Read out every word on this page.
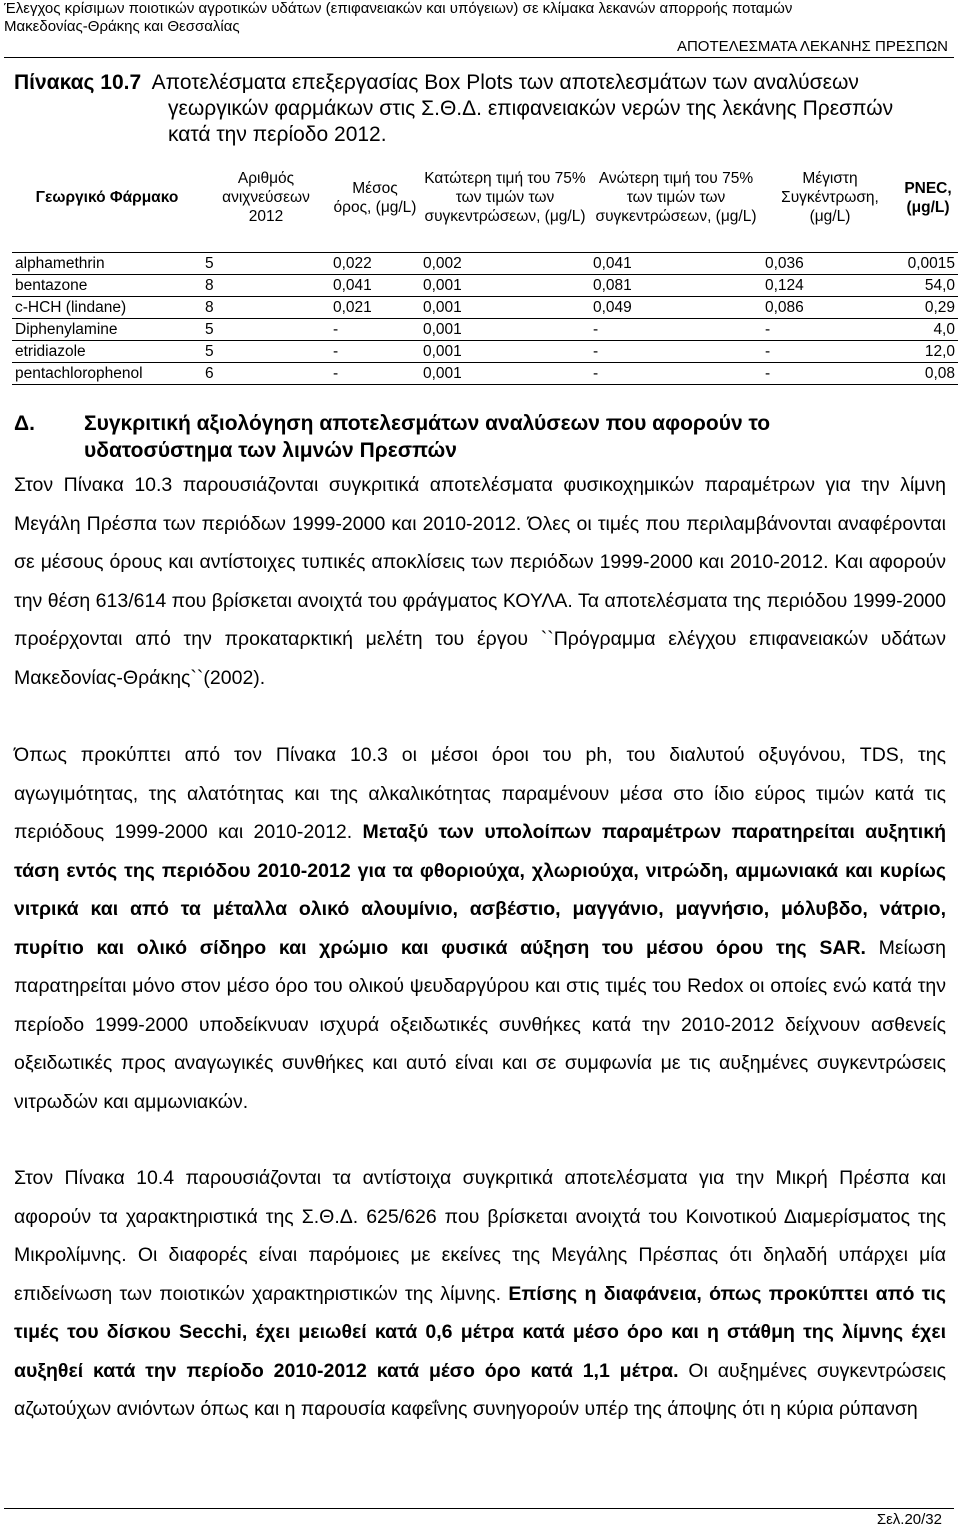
Έλεγχος κρίσιμων ποιοτικών αγροτικών υδάτων (επιφανειακών και υπόγειων) σε κλίμακα λεκανών απορροής ποταμών
Μακεδονίας-Θράκης και Θεσσαλίας
ΑΠΟΤΕΛΕΣΜΑΤΑ ΛΕΚΑΝΗΣ ΠΡΕΣΠΩΝ
Πίνακας 10.7 Αποτελέσματα επεξεργασίας Box Plots των αποτελεσμάτων των αναλύσεων
γεωργικών φαρμάκων στις Σ.Θ.Δ. επιφανειακών νερών της λεκάνης Πρεσπών
κατά την περίοδο 2012.
Γεωργικό Φάρμακο	Αριθμός ανιχνεύσεων 2012	Μέσος όρος, (μg/L)	Κατώτερη τιμή του 75% των τιμών των συγκεντρώσεων, (μg/L)	Ανώτερη τιμή του 75% των τιμών των συγκεντρώσεων, (μg/L)	Μέγιστη Συγκέντρωση, (μg/L)	PNEC, (μg/L)
alphamethrin	5	0,022	0,002	0,041	0,036	0,0015
bentazone	8	0,041	0,001	0,081	0,124	54,0
c-HCH (lindane)	8	0,021	0,001	0,049	0,086	0,29
Diphenylamine	5	-	0,001	-	-	4,0
etridiazole	5	-	0,001	-	-	12,0
pentachlorophenol	6	-	0,001	-	-	0,08
Δ. Συγκριτική αξιολόγηση αποτελεσμάτων αναλύσεων που αφορούν το
υδατοσύστημα των λιμνών Πρεσπών
Στον Πίνακα 10.3 παρουσιάζονται συγκριτικά αποτελέσματα φυσικοχημικών παραμέτρων για την λίμνη Μεγάλη Πρέσπα των περιόδων 1999-2000 και 2010-2012. Όλες οι τιμές που περιλαμβάνονται αναφέρονται σε μέσους όρους και αντίστοιχες τυπικές αποκλίσεις των περιόδων 1999-2000 και 2010-2012. Και αφορούν την θέση 613/614 που βρίσκεται ανοιχτά του φράγματος ΚΟΥΛΑ. Τα αποτελέσματα της περιόδου 1999-2000 προέρχονται από την προκαταρκτική μελέτη του έργου ``Πρόγραμμα ελέγχου επιφανειακών υδάτων Μακεδονίας-Θράκης``(2002).
Όπως προκύπτει από τον Πίνακα 10.3 οι μέσοι όροι του ph, του διαλυτού οξυγόνου, TDS, της αγωγιμότητας, της αλατότητας και της αλκαλικότητας παραμένουν μέσα στο ίδιο εύρος τιμών κατά τις περιόδους 1999-2000 και 2010-2012. Μεταξύ των υπολοίπων παραμέτρων παρατηρείται αυξητική τάση εντός της περιόδου 2010-2012 για τα φθοριούχα, χλωριούχα, νιτρώδη, αμμωνιακά και κυρίως νιτρικά και από τα μέταλλα ολικό αλουμίνιο, ασβέστιο, μαγγάνιο, μαγνήσιο, μόλυβδο, νάτριο, πυρίτιο και ολικό σίδηρο και χρώμιο και φυσικά αύξηση του μέσου όρου της SAR. Μείωση παρατηρείται μόνο στον μέσο όρο του ολικού ψευδαργύρου και στις τιμές του Redox οι οποίες ενώ κατά την περίοδο 1999-2000 υποδείκνυαν ισχυρά οξειδωτικές συνθήκες κατά την 2010-2012 δείχνουν ασθενείς οξειδωτικές προς αναγωγικές συνθήκες και αυτό είναι και σε συμφωνία με τις αυξημένες συγκεντρώσεις νιτρωδών και αμμωνιακών.
Στον Πίνακα 10.4 παρουσιάζονται τα αντίστοιχα συγκριτικά αποτελέσματα για την Μικρή Πρέσπα και αφορούν τα χαρακτηριστικά της Σ.Θ.Δ. 625/626 που βρίσκεται ανοιχτά του Κοινοτικού Διαμερίσματος της Μικρολίμνης. Οι διαφορές είναι παρόμοιες με εκείνες της Μεγάλης Πρέσπας ότι δηλαδή υπάρχει μία επιδείνωση των ποιοτικών χαρακτηριστικών της λίμνης. Επίσης η διαφάνεια, όπως προκύπτει από τις τιμές του δίσκου Secchi, έχει μειωθεί κατά 0,6 μέτρα κατά μέσο όρο και η στάθμη της λίμνης έχει αυξηθεί κατά την περίοδο 2010-2012 κατά μέσο όρο κατά 1,1 μέτρα. Οι αυξημένες συγκεντρώσεις αζωτούχων ανιόντων όπως και η παρουσία καφεΐνης συνηγορούν υπέρ της άποψης ότι η κύρια ρύπανση
Σελ.20/32
